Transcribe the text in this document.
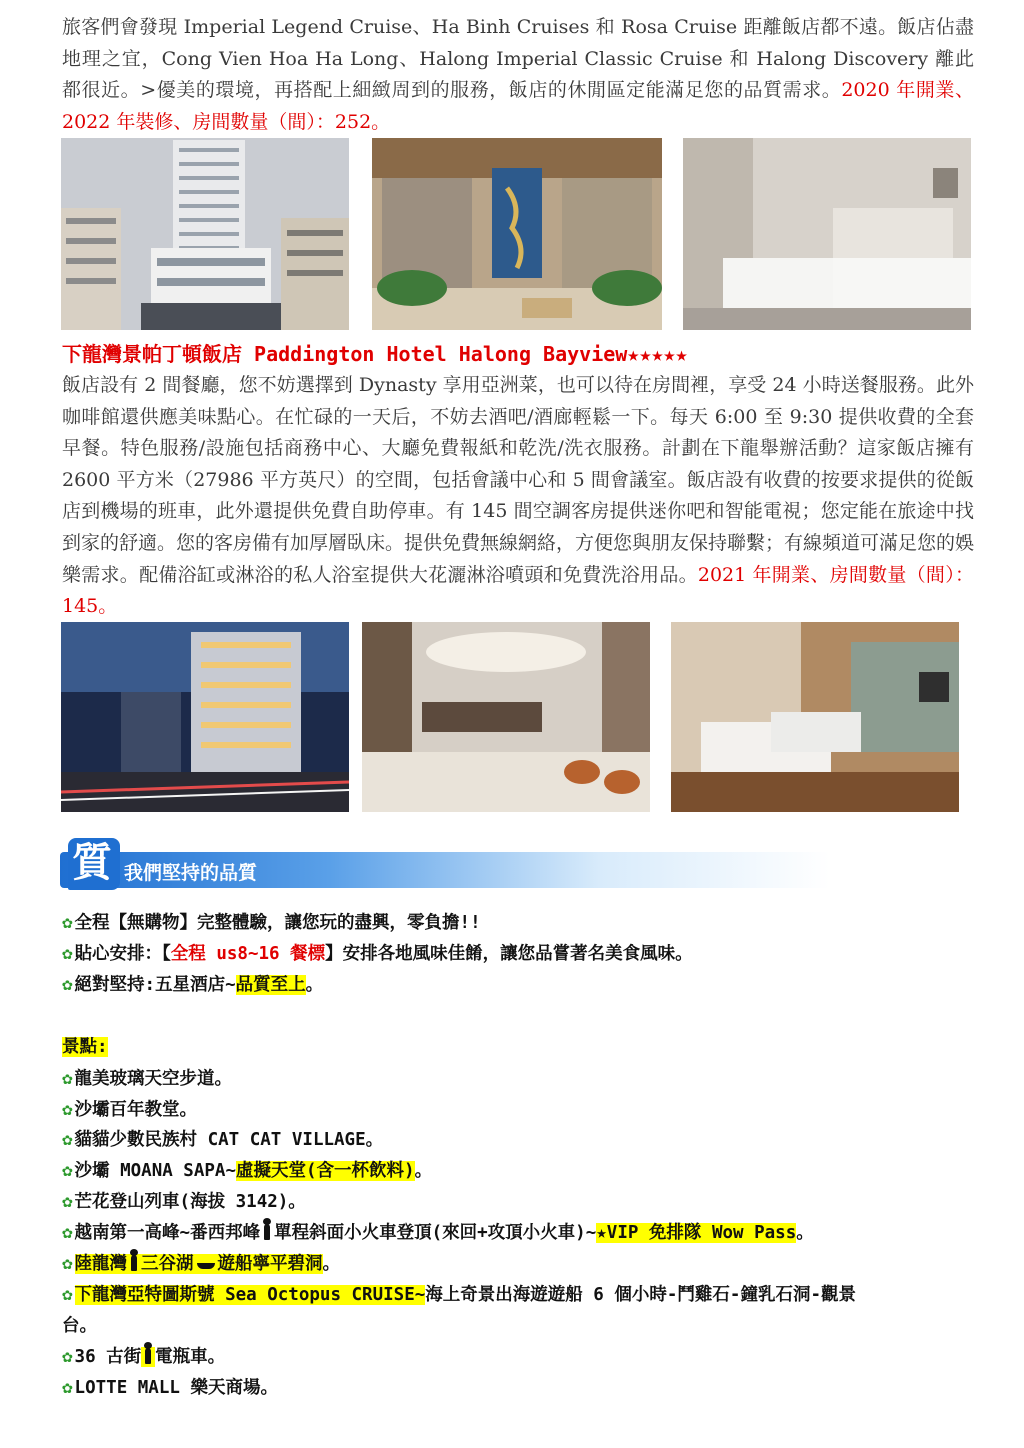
旅客們會發現 Imperial Legend Cruise、Ha Binh Cruises 和 Rosa Cruise 距離飯店都不遠。飯店佔盡地理之宜，Cong Vien Hoa Ha Long、Halong Imperial Classic Cruise 和 Halong Discovery 離此都很近。>優美的環境，再搭配上細緻周到的服務，飯店的休閒區定能滿足您的品質需求。2020 年開業、2022 年裝修、房間數量（間）：252。
下龍灣景帕丁頓飯店 Paddington Hotel Halong Bayview★★★★★
飯店設有 2 間餐廳，您不妨選擇到 Dynasty 享用亞洲菜，也可以待在房間裡，享受 24 小時送餐服務。此外咖啡館還供應美味點心。在忙碌的一天后，不妨去酒吧/酒廊輕鬆一下。每天 6:00 至 9:30 提供收費的全套早餐。特色服務/設施包括商務中心、大廳免費報紙和乾洗/洗衣服務。計劃在下龍舉辦活動？這家飯店擁有 2600 平方米（27986 平方英尺）的空間，包括會議中心和 5 間會議室。飯店設有收費的按要求提供的從飯店到機場的班車，此外還提供免費自助停車。有 145 間空調客房提供迷你吧和智能電視；您定能在旅途中找到家的舒適。您的客房備有加厚層臥床。提供免費無線網絡，方便您與朋友保持聯繫；有線頻道可滿足您的娛樂需求。配備浴缸或淋浴的私人浴室提供大花灑淋浴噴頭和免費洗浴用品。2021 年開業、房間數量（間）：145。
質 我們堅持的品質
✿ 全程【無購物】完整體驗，讓您玩的盡興，零負擔!!
✿ 貼心安排：【全程 us8~16 餐標】安排各地風味佳餚，讓您品嘗著名美食風味。
✿ 絕對堅持:五星酒店~品質至上。
景點:
✿ 龍美玻璃天空步道。
✿ 沙壩百年教堂。
✿ 貓貓少數民族村 CAT CAT VILLAGE。
✿ 沙壩 MOANA SAPA~虛擬天堂(含一杯飲料)。
✿ 芒花登山列車(海拔 3142)。
✿ 越南第一高峰~番西邦峰 單程斜面小火車登頂(來回+攻頂小火車)~★VIP 免排隊 Wow Pass。
✿ 陸龍灣 三谷湖 遊船寧平碧洞。
✿ 下龍灣亞特圖斯號 Sea Octopus CRUISE~海上奇景出海遊遊船 6 個小時-鬥雞石-鐘乳石洞-觀景
台。
✿ 36 古街 電瓶車。
✿ LOTTE MALL 樂天商場。
